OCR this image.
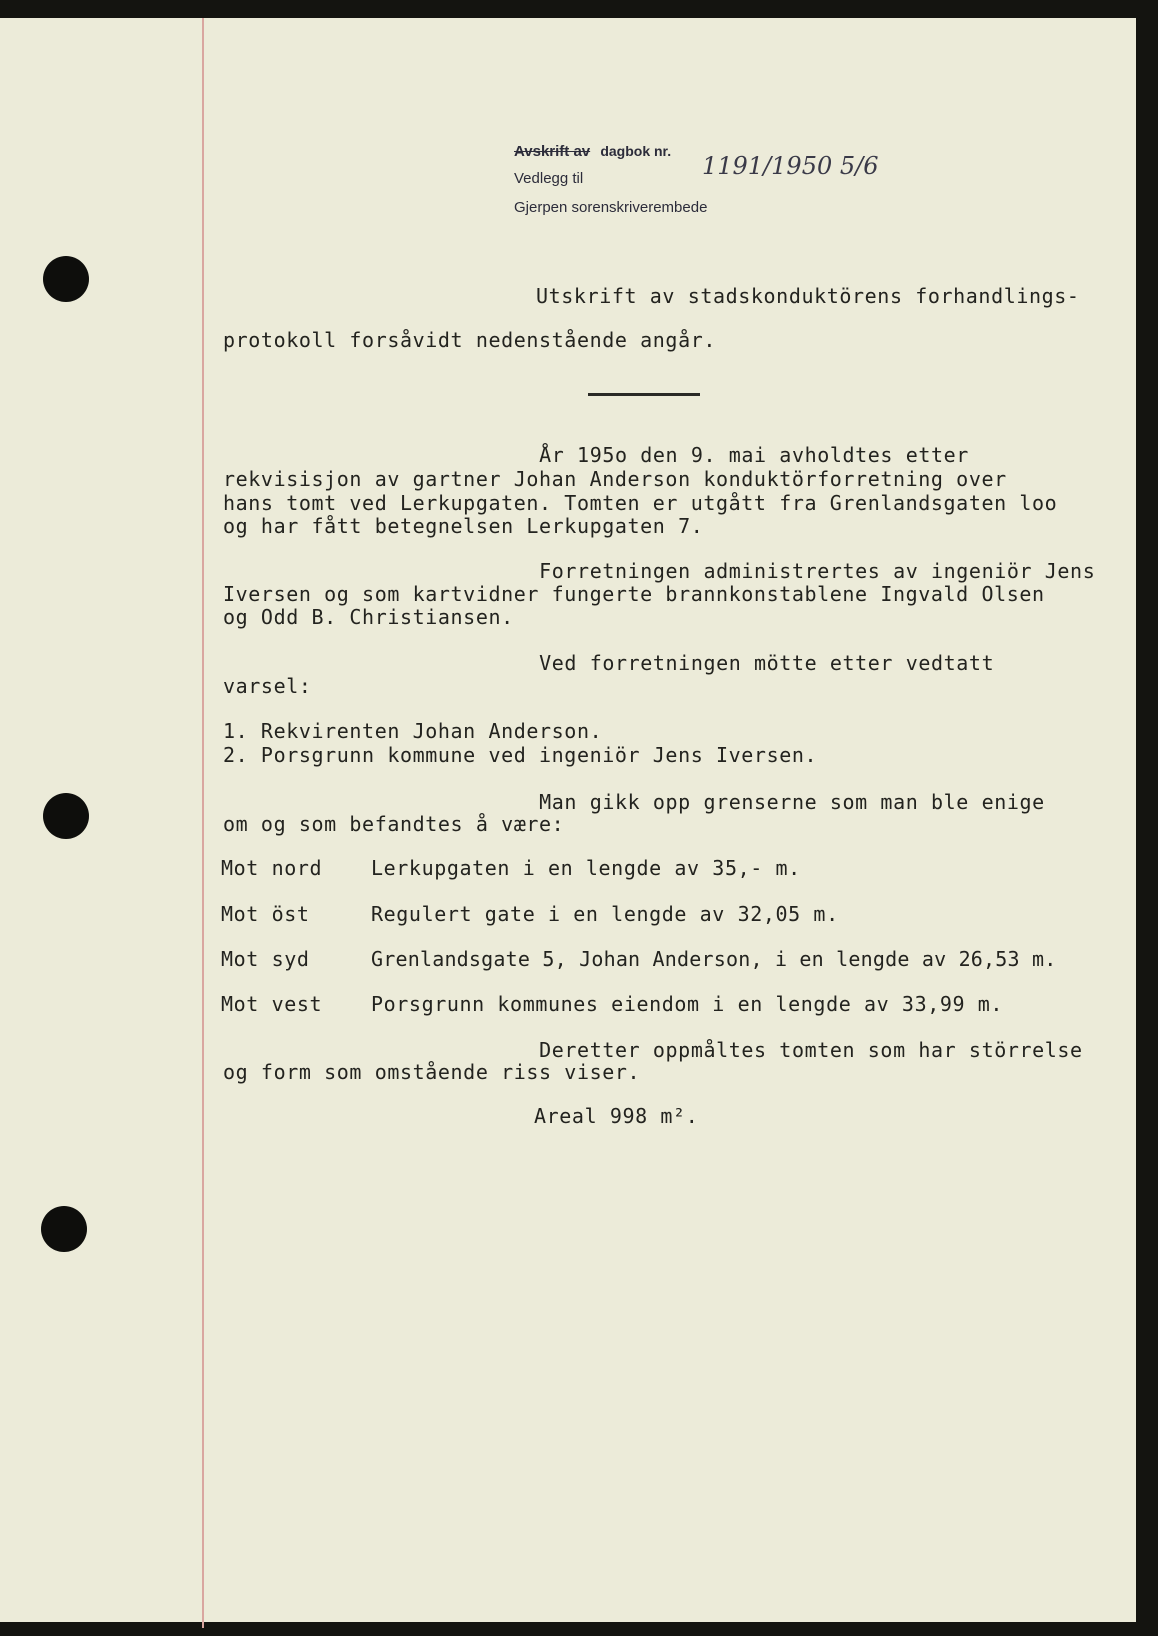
Avskrift av dagbok nr.
Vedlegg til	1191/1950 5/6
Gjerpen sorenskriverembede
Utskrift av stadskonduktörens forhandlings-
protokoll forsåvidt nedenstående angår.
År 195o den 9. mai avholdtes etter
rekvisisjon av gartner Johan Anderson konduktörforretning over
hans tomt ved Lerkupgaten. Tomten er utgått fra Grenlandsgaten loo
og har fått betegnelsen Lerkupgaten 7.
Forretningen administrertes av ingeniör Jens
Iversen og som kartvidner fungerte brannkonstablene Ingvald Olsen
og Odd B. Christiansen.
Ved forretningen mötte etter vedtatt
varsel:
1. Rekvirenten Johan Anderson.
2. Porsgrunn kommune ved ingeniör Jens Iversen.
Man gikk opp grenserne som man ble enige
om og som befandtes å være:
Mot nord Lerkupgaten i en lengde av 35,- m.
Mot öst	Regulert gate i en lengde av 32,05 m.
Mot syd	Grenlandsgate 5, Johan Anderson, i en lengde av 26,53 m.
Mot vest Porsgrunn kommunes eiendom i en lengde av 33,99 m.
Deretter oppmåltes tomten som har störrelse
og form som omstående riss viser.
Areal 998 m².
